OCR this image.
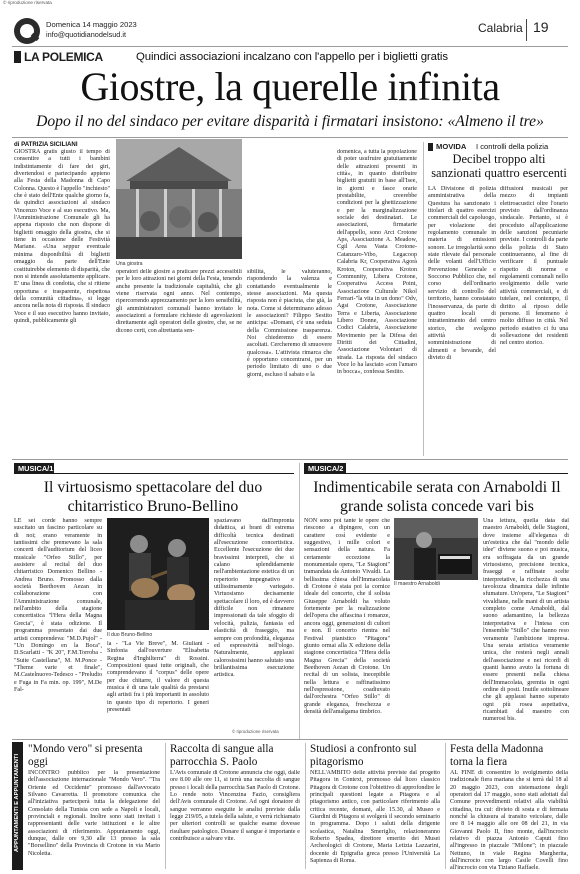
© riproduzione riservata
Domenica 14 maggio 2023
info@quotidianodelsud.it	Calabria 19
LA POLEMICA	Quindici associazioni incalzano con l'appello per i biglietti gratis
Giostre, la querelle infinita
Dopo il no del sindaco per evitare disparità i firmatari insistono: «Almeno il tre»
di PATRIZIA SICILIANI

GIOSTRA gratis giusto il tempo di consentire a tutti i bambini indistintamente di fare dei giri, divertendosi e partecipando appieno alla Festa della Madonna di Capo Colonna. Questo è l'appello "inchiesto" che è stato dell'Ente qualche giorno fa, da quindici associazioni al sindaco Vincenzo Voce e al suo esecutivo. Ma, l'Amministrazione Comunale gli ha appena risposto che non dispone di biglietti omaggio della giostra, che si tiene in occasione delle Festività Mariane. «Una seppur eventuale minima disponibilità di biglietti omaggio da parte dell'Ente costituirebbe elemento di disparità, che non si intende assolutamente applicare. E' una linea di condotta, che si ritiene opportuna e trasparente, rispettosa della comunità cittadina», si legge ancora nella nota di risposta. Il sindaco Voce e il suo esecutivo hanno invitato, quindi, pubblicamente gli

Una giostra

operatori delle giostre a praticare prezzi accessibili per le loro attrazioni nei giorni della Festa, tenendo anche presente la tradizionale capitalità, che gli viene riservata ogni anno. Nel contempo, ripercorrendo apprezzamento per la loro sensibilità, gli amministratori comunali hanno invitato le associazioni a formulare richieste di agevolazioni direttamente agli operatori delle giostre, che, se ne dicono certi, con altrettanta sen-

sibilità, le valuteranno, rispondendo la valenza e contattando eventualmente le stesse associazioni. Ma questa risposta non è piaciuta, che già, la nota. Come si determinano adesso le associazioni? Filippo Sestito anticipa: «Domani, c'è una seduta della Commissione trasparenza. Noi chiederemo di essere ascoltati. Cercheremo di smuovere qualcosa». L'attivista rimarca che è opportuno concentrarsi, per un periodo limitato di uno o due giorni, escluso il sabato e la

domenica, a tutta la popolazione di poter usufruire gratuitamente delle attrazioni presenti in città», in quanto distribuire biglietti gratuiti in base all'Isee, in giorni e fasce orarie prestabilite, creerebbe condizioni per la ghettizzazione e per la marginalizzazione sociale dei destinatari. Le associazioni, firmatarie dell'appello, sono Arci Crotone Aps, Associazione A. Meadow, Cgil Area Vasta Crotone-Catanzaro-Vibo, Legacoop Calabria Kr, Cooperativa Agorà Kroton, Cooperativa Kroton Community, Libera Crotone, Cooperativa Access Point, Associazione Culturale Nikol Ferrari-"la vita in un dono" Odv, Agsi Crotone, Associazione Terra e Liberta, Associazione Libero Donne, Associazione Codici Calabria, Associazione Movimento per la Difesa dei Diritti dei Cittadini, Associazione Volontari di strada. La risposta del sindaco Voce lo ha lasciato «con l'amaro in bocca», confessa Sestito.

MOVIDA I controlli della polizia
Decibel troppo alti sanzionati quattro esercenti

LA Divisione di polizia amministrativa della Questura ha sanzionato i titolari di quattro esercizi commerciali del capoluogo, per violazione dei regolamento comunale in materia di emissioni sonore. Le irregolarità sono state rilevate dal personale delle volanti dell'Ufficio Prevenzione Generale e Soccorso Pubblico che, nel corso dell'ordinario servizio di controllo del territorio, hanno constatato l'inosservanza, da parte di quattro locali di intrattenimento del centro storico, che svolgono attività di somministrazione di alimenti e bevande, del divieto di

diffusioni musicali per mezzo di impianti elettroacustici oltre l'orario previsto dall'ordinanza sindacale. Pertanto, si è proceduto all'applicazione delle sanzioni pecuniarie previste. I controlli da parte della polizia di Stato continueranno, al fine di verificare il puntuale rispetto di norme e regolamenti comunali nello svolgimento delle varie attività commerciali, e di tutelare, nel contempo, il diritto al riposo delle persone. Il fenomeno è molto diffuso in città. Nel periodo estativo ci fu una sollevazione dei residenti nel centro storico.

MUSICA/1
Il virtuosismo spettacolare del duo chitarristico Bruno-Bellino

LE sei corde hanno sempre suscitato un fascino particolare su di noi; erano veramente in tantissimi che premevano la sala concerti dell'auditorium del liceo musicale "Orfeo Stillo", per assistere al recital del duo chitarristico Domenico Bellino - Andrea Bruno. Promosso dalla società Beethoven Aezan in collaborazione con l'Amministrazione comunale, nell'ambito della stagione concertistica "l'Hera della Magna Grecia", è stata odizione. Il programma presentato dai due artisti comprendeva: "M.D.Pujol" - "Un Domingo en la Boca", D.Scarlatti - "K 20", F.M.Torroba - "Suite Castellana", M. M.Ponce - "Theme varie et finale", M.Castelnuovo-Tedesco - "Preludio e Fuga in Fa min. op. 199", M.De Fal-

Il duo Bruno-Bellino

la - "La Vie Breve", M. Giuliani - Sinfonia dall'ouverture "Elisabetta Regina d'Inghilterra" di Rossini. Composizioni quasi tutte originali, che comprendevano il "corpus" delle opere per due chitarre, il valore di questa musica è di una tale qualità da prestarsi agli artisti fra i più importanti in assoluto in questo tipo di repertorio. I generi presentati

spaziavano dall'impronta didattica, ai brani di estrema difficoltà tecnica destinati all'esecuzione concertistica. Eccellente l'esecuzione dei due bravissimi interpreti, che si calano splendidamente nell'ambientazione estetica di un repertorio impegnativo e utilissimamente variegato. Virtuosismo decisamente spettacolare il loro, ed è davvero difficile non rimanere impressionati da tale sfoggio di velocità, pulizia, fantasia ed elasticità di fraseggio, ma sempre con profondità, eleganza ed espressività nell'ologo. Naturalmente, applausi calorosissimi hanno salutato una brillantissima esecuzione artistica.

© riproduzione riservata
MUSICA/2
Indimenticabile serata con Arnaboldi Il grande solista concede vari bis

NON sono poi tante le opere che riescono a dipingere, con un carattere così evidente e suggestivo, i mille colori e sensazioni della natura. Fa certamente eccezione la monumentale opera, "Le Stagioni" tramandata da Antonio Vivaldi. La bellissima chiesa dell'Immacolata di Crotone è stata poi la cornice ideale del concerto, che il solista Giuseppe Arnaboldi ha voluto fortemente per la realizzazione dell'opera che affascina i romanze, ancora oggi, generazioni di cultori e non. Il concerto rientra nel Festival pianistico "Pitagora" giunto ormai alla X edizione della stagione concertistica "l'Hera della Magna Grecia" della società Beethoven Aezan di Crotone. Un recital di un solista, inecepibile nella lettura e raffinatissimo nell'espressione, coadiuvato dall'orchestra "Orfeo Stillo" di grande eleganza, freschezza e densità dell'amalgama timbrico.

Il maestro Arnaboldi

Una lettura, quella data dal maestro Arnaboldi, delle Stagioni, dove insieme all'eleganza di un'estetica che dal "mondo delle idee" diviene suono e poi musica, era soffragata da un grande virtuosismo, precisione tecnica, fraseggi e raffinate scelte interpretative, la ricchezza di una tavolozza dinamica dalle infinite sfumature. Un'opera, "Le Stagioni" vivaldiane, nelle mani di un artista completo come Arnaboldi, dal suono adamantino, la bellezza interpretativa e l'intesa con l'ensemble "Stillo" che hanno reso veramente l'ambizione impresa. Una serata artistica veramente unica, che resterà negli annali dell'associazione e nei ricordi di quanti hanno avuto la fortuna di essere presenti nella chiesa dell'Immacolata, gremita in ogni ordine di posti. Inutile sottolineare che gli applausi hanno superato ogni più rosea aspettativa, ricambiati dal maestro con numerosi bis.

APPUNTAMENTI E APPUNTAMENTI
"Mondo vero" si presenta oggi

INCONTRO pubblico per la presentazione dell'associazione internazionale "Mondo Vero". "Tra Oriente ed Occidente" promosso dall'avvocato Silvano Cavarretta. Il promotore comunica che all'iniziativa parteciperà tutta la delegazione del Consolato della Tunisia con sede a Napoli e locali, provinciali e regionali. Inoltre sono stati invitati i rappresentanti delle varie istituzioni e le altre associazioni di riferimento. Appuntamento oggi, dunque, dalle ore 9,30 alle 13 presso la sala "Borsellino" della Provincia di Crotone in via Mario Nicoletta.

Raccolta di sangue alla parrocchia S. Paolo

L'Avis comunale di Crotone annuncia che oggi, dalle ore 8.00 alle ore 11, si terrà una raccolta di sangue presso i locali della parrocchia San Paolo di Crotone. Lo rende noto Vincenzina Fazio, consigliera dell'Avis comunale di Crotone. Ad ogni donatore di sangue verranno eseguite le analisi previste dalla legge 219/05, a tutela della salute, e verrà richiamato per ulteriori controlli se qualche esame dovesse risultare patologico. Donare il sangue è importante e contribuisce a salvare vite.

Studiosi a confronto sul pitagorismo

NELL'AMBITO delle attività previste dal progetto Pitagora in Context, promosso dal liceo classico Pitagora di Crotone con l'obiettivo di approfondire le principali questioni legate a Pitagora e al pitagorismo antico, con particolare riferimento alla critica recente, domani, alle 15.30, al Museo e Giardini di Pitagora si svolgerà il secondo seminario in programma. Dopo i saluti della dirigente scolastica, Natalina Smeriglio, relazioneranno Roberto Spadea, direttore emerito dei Musei Archeologici di Crotone, Maria Letizia Lazzarini, docente di Epigrafia greca presso l'Università La Sapienza di Roma.

Festa della Madonna torna la fiera

AL FINE di consentire lo svolgimento della tradizionale fiera mariana che si terrà dal 18 al 20 maggio 2023, con sistemazione degli operatori dal 17 maggio, sono stati adottati dal Comune provvedimenti relativi alla viabilità cittadina, tra cui: divieto di sosta e di fermata nonché la chiusura al transito veicolare, dalle ore 8 14 maggio alle ore 08 del 21, in via Giovanni Paolo II, fino monte, dall'incrocio relativo di piazza Antonio Caputi fino all'ingresso in piazzale "Milone"; in piazzale Nettuno, in viale Regina Margherita, dall'incrocio con largo Casile Covelli fino all'incrocio con via Tiziano Raffaele.
